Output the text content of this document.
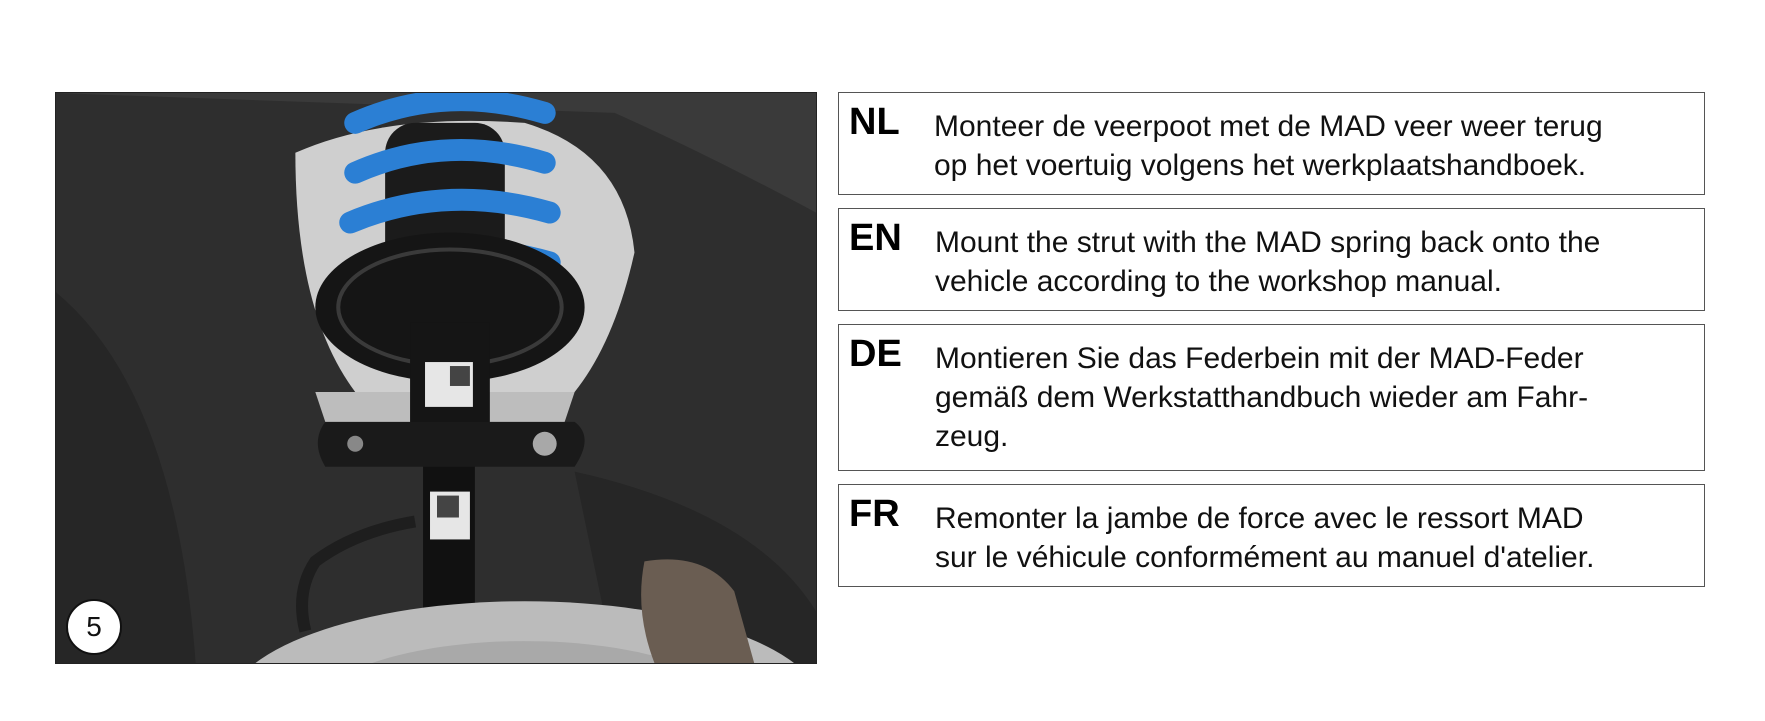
5
NL Monteer de veerpoot met de MAD veer weer terug
op het voertuig volgens het werkplaatshandboek.
EN Mount the strut with the MAD spring back onto the
vehicle according to the workshop manual.
DE Montieren Sie das Federbein mit der MAD-Feder
gemäß dem Werkstatthandbuch wieder am Fahr-
zeug.
FR Remonter la jambe de force avec le ressort MAD
sur le véhicule conformément au manuel d'atelier.
